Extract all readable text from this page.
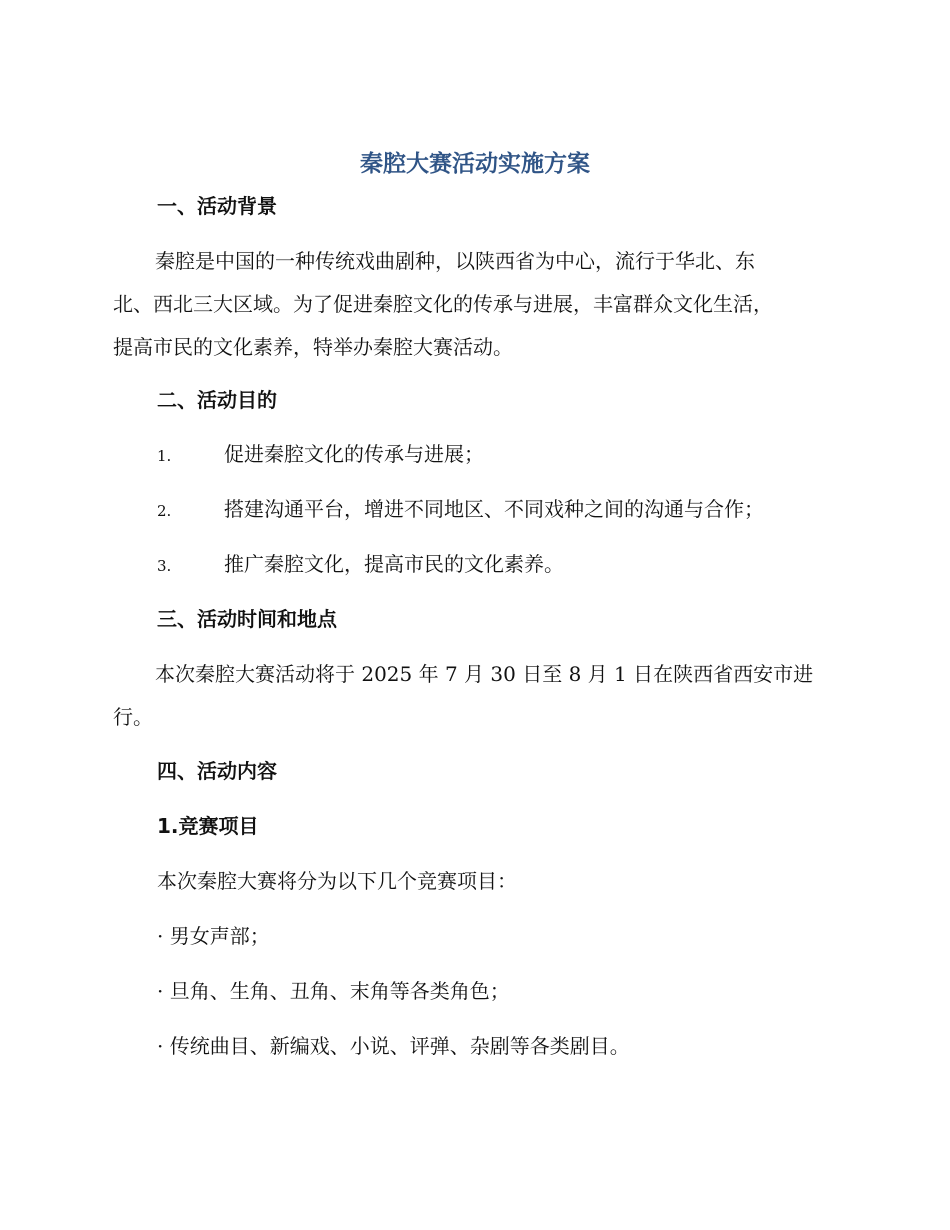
秦腔大赛活动实施方案
一、活动背景

秦腔是中国的一种传统戏曲剧种，以陕西省为中心，流行于华北、东
北、西北三大区域。为了促进秦腔文化的传承与进展，丰富群众文化生活，
提高市民的文化素养，特举办秦腔大赛活动。

二、活动目的

1.	促进秦腔文化的传承与进展；

2.	搭建沟通平台，增进不同地区、不同戏种之间的沟通与合作；

3.	推广秦腔文化，提高市民的文化素养。

三、活动时间和地点

本次秦腔大赛活动将于 2025 年 7 月 30 日至 8 月 1 日在陕西省西安市进
行。

四、活动内容
1.竞赛项目

本次秦腔大赛将分为以下几个竞赛项目：

· 男女声部；

· 旦角、生角、丑角、末角等各类角色；

· 传统曲目、新编戏、小说、评弹、杂剧等各类剧目。
